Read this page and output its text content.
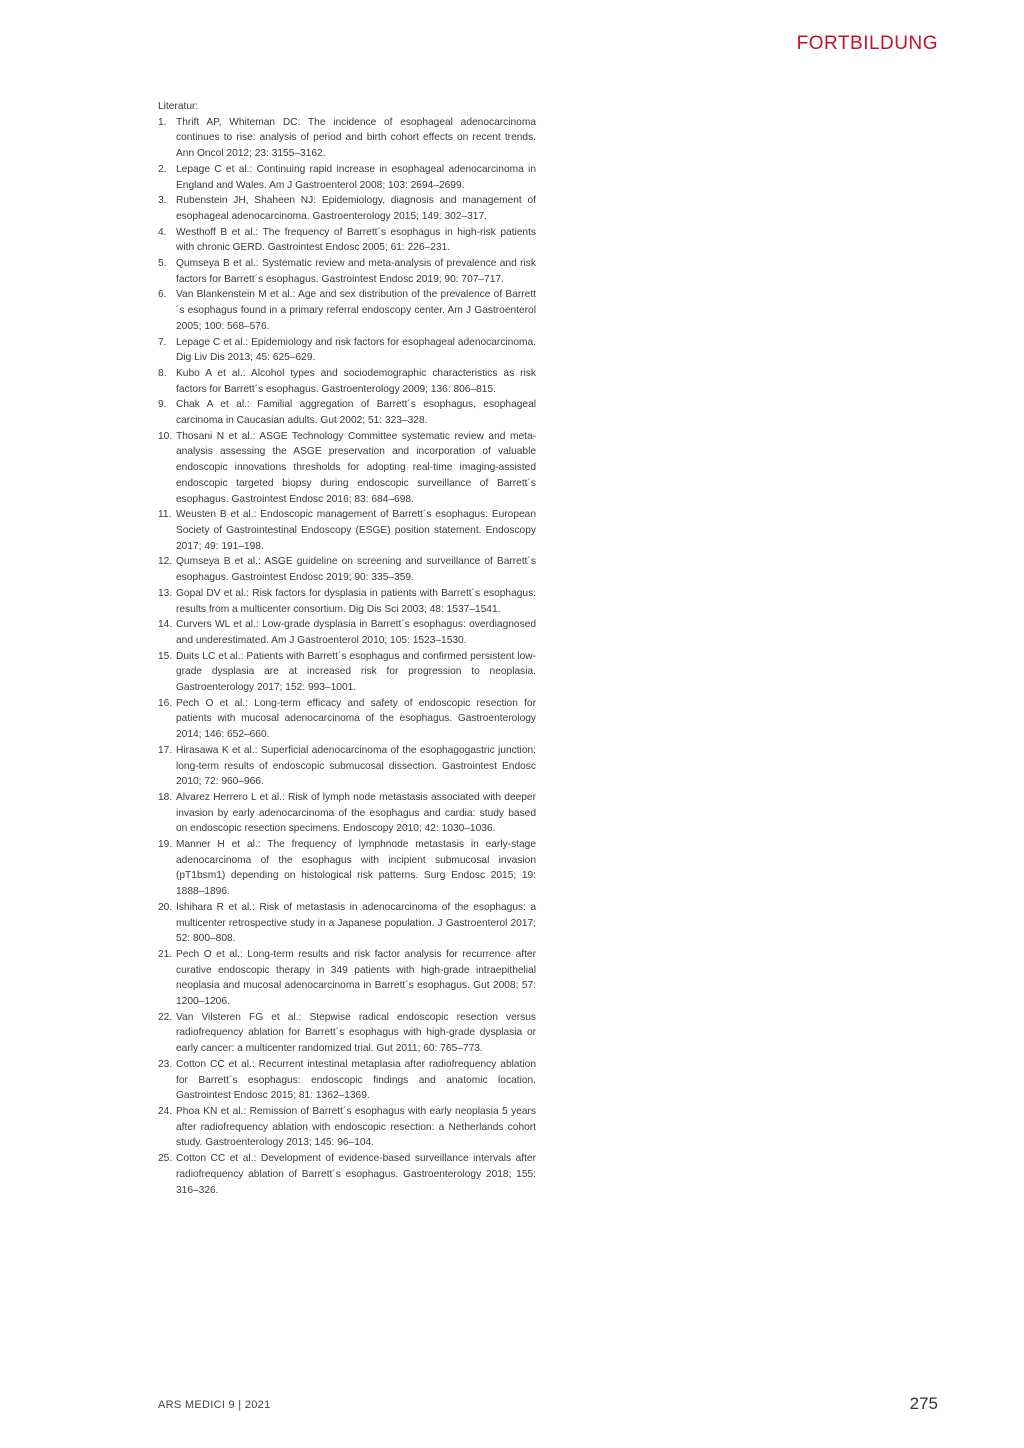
FORTBILDUNG

Literatur:

1. Thrift AP, Whiteman DC: The incidence of esophageal adenocarcinoma continues to rise: analysis of period and birth cohort effects on recent trends. Ann Oncol 2012; 23: 3155–3162.
2. Lepage C et al.: Continuing rapid increase in esophageal adenocarcinoma in England and Wales. Am J Gastroenterol 2008; 103: 2694–2699.
3. Rubenstein JH, Shaheen NJ: Epidemiology, diagnosis and management of esophageal adenocarcinoma. Gastroenterology 2015; 149: 302–317.
4. Westhoff B et al.: The frequency of Barrett´s esophagus in high-risk patients with chronic GERD. Gastrointest Endosc 2005; 61: 226–231.
5. Qumseya B et al.: Systematic review and meta-analysis of prevalence and risk factors for Barrett´s esophagus. Gastrointest Endosc 2019; 90: 707–717.
6. Van Blankenstein M et al.: Age and sex distribution of the prevalence of Barrett´s esophagus found in a primary referral endoscopy center. Am J Gastroenterol 2005; 100: 568–576.
7. Lepage C et al.: Epidemiology and risk factors for esophageal adenocarcinoma. Dig Liv Dis 2013; 45: 625–629.
8. Kubo A et al.: Alcohol types and sociodemographic characteristics as risk factors for Barrett´s esophagus. Gastroenterology 2009; 136: 806–815.
9. Chak A et al.: Familial aggregation of Barrett´s esophagus, esophageal carcinoma in Caucasian adults. Gut 2002; 51: 323–328.
10. Thosani N et al.: ASGE Technology Committee systematic review and meta-analysis assessing the ASGE preservation and incorporation of valuable endoscopic innovations thresholds for adopting real-time imaging-assisted endoscopic targeted biopsy during endoscopic surveillance of Barrett´s esophagus. Gastrointest Endosc 2016; 83: 684–698.
11. Weusten B et al.: Endoscopic management of Barrett´s esophagus: European Society of Gastrointestinal Endoscopy (ESGE) position statement. Endoscopy 2017; 49: 191–198.
12. Qumseya B et al.: ASGE guideline on screening and surveillance of Barrett´s esophagus. Gastrointest Endosc 2019; 90: 335–359.
13. Gopal DV et al.: Risk factors for dysplasia in patients with Barrett´s esophagus: results from a multicenter consortium. Dig Dis Sci 2003; 48: 1537–1541.
14. Curvers WL et al.: Low-grade dysplasia in Barrett´s esophagus: overdiagnosed and underestimated. Am J Gastroenterol 2010; 105: 1523–1530.
15. Duits LC et al.: Patients with Barrett´s esophagus and confirmed persistent low-grade dysplasia are at increased risk for progression to neoplasia. Gastroenterology 2017; 152: 993–1001.
16. Pech O et al.: Long-term efficacy and safety of endoscopic resection for patients with mucosal adenocarcinoma of the esophagus. Gastroenterology 2014; 146: 652–660.
17. Hirasawa K et al.: Superficial adenocarcinoma of the esophagogastric junction: long-term results of endoscopic submucosal dissection. Gastrointest Endosc 2010; 72: 960–966.
18. Alvarez Herrero L et al.: Risk of lymph node metastasis associated with deeper invasion by early adenocarcinoma of the esophagus and cardia: study based on endoscopic resection specimens. Endoscopy 2010; 42: 1030–1036.
19. Manner H et al.: The frequency of lymphnode metastasis in early-stage adenocarcinoma of the esophagus with incipient submucosal invasion (pT1bsm1) depending on histological risk patterns. Surg Endosc 2015; 19: 1888–1896.
20. Ishihara R et al.: Risk of metastasis in adenocarcinoma of the esophagus: a multicenter retrospective study in a Japanese population. J Gastroenterol 2017; 52: 800–808.
21. Pech O et al.: Long-term results and risk factor analysis for recurrence after curative endoscopic therapy in 349 patients with high-grade intraepithelial neoplasia and mucosal adenocarcinoma in Barrett´s esophagus. Gut 2008; 57: 1200–1206.
22. Van Vilsteren FG et al.: Stepwise radical endoscopic resection versus radiofrequency ablation for Barrett´s esophagus with high-grade dysplasia or early cancer: a multicenter randomized trial. Gut 2011; 60: 765–773.
23. Cotton CC et al.: Recurrent intestinal metaplasia after radiofrequency ablation for Barrett´s esophagus: endoscopic findings and anatomic location. Gastrointest Endosc 2015; 81: 1362–1369.
24. Phoa KN et al.: Remission of Barrett´s esophagus with early neoplasia 5 years after radiofrequency ablation with endoscopic resection: a Netherlands cohort study. Gastroenterology 2013; 145: 96–104.
25. Cotton CC et al.: Development of evidence-based surveillance intervals after radiofrequency ablation of Barrett´s esophagus. Gastroenterology 2018; 155: 316–326.
ARS MEDICI 9 | 2021	275
